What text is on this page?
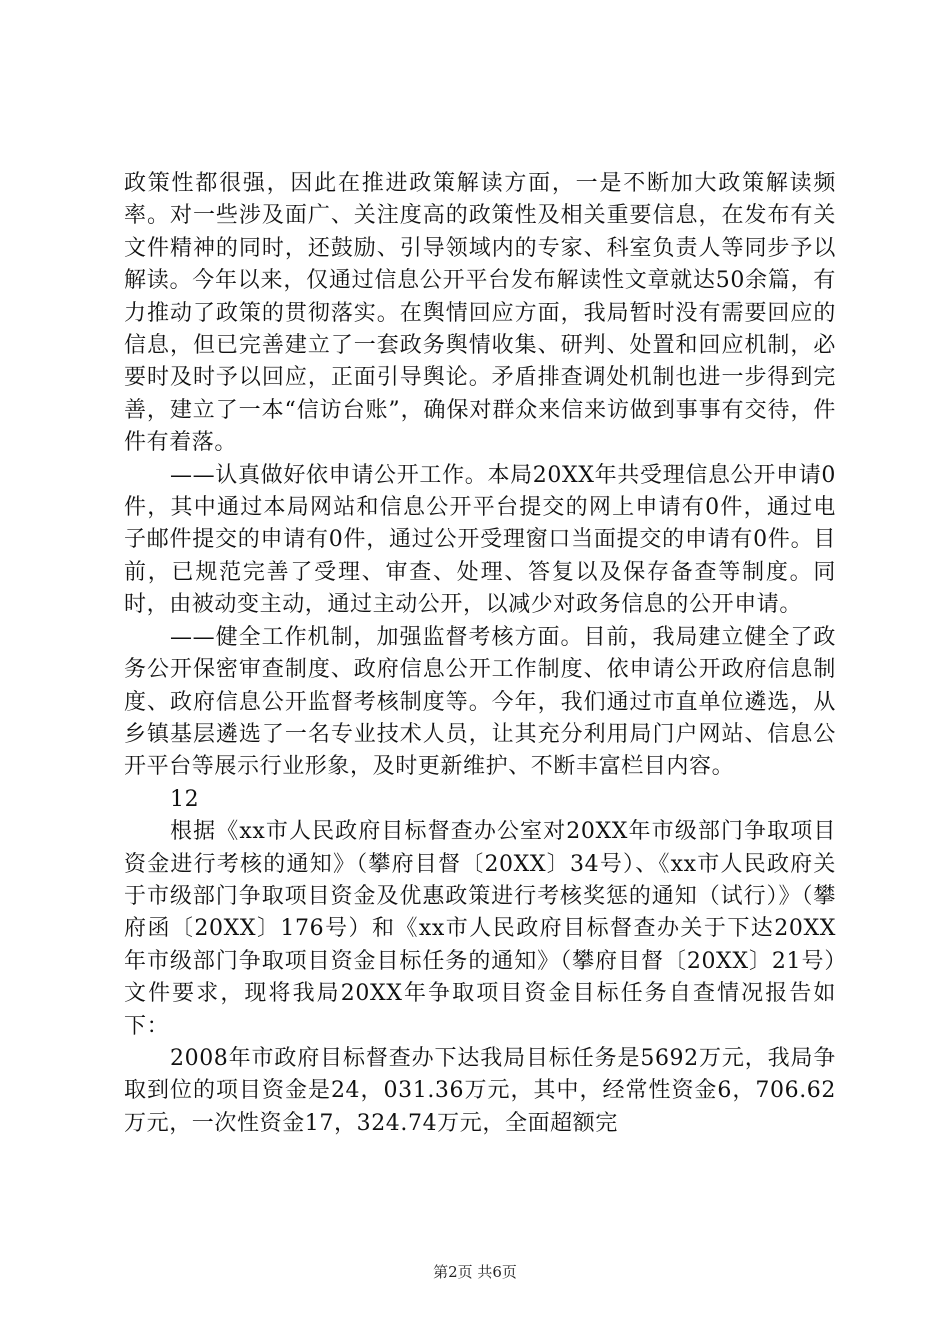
政策性都很强，因此在推进政策解读方面，一是不断加大政策解读频率。对一些涉及面广、关注度高的政策性及相关重要信息，在发布有关文件精神的同时，还鼓励、引导领域内的专家、科室负责人等同步予以解读。今年以来，仅通过信息公开平台发布解读性文章就达50余篇，有力推动了政策的贯彻落实。在舆情回应方面，我局暂时没有需要回应的信息，但已完善建立了一套政务舆情收集、研判、处置和回应机制，必要时及时予以回应，正面引导舆论。矛盾排查调处机制也进一步得到完善，建立了一本“信访台账”，确保对群众来信来访做到事事有交待，件件有着落。

——认真做好依申请公开工作。本局20XX年共受理信息公开申请0件，其中通过本局网站和信息公开平台提交的网上申请有0件，通过电子邮件提交的申请有0件，通过公开受理窗口当面提交的申请有0件。目前，已规范完善了受理、审查、处理、答复以及保存备查等制度。同时，由被动变主动，通过主动公开，以减少对政务信息的公开申请。

——健全工作机制，加强监督考核方面。目前，我局建立健全了政务公开保密审查制度、政府信息公开工作制度、依申请公开政府信息制度、政府信息公开监督考核制度等。今年，我们通过市直单位遴选，从乡镇基层遴选了一名专业技术人员，让其充分利用局门户网站、信息公开平台等展示行业形象，及时更新维护、不断丰富栏目内容。

12

根据《xx市人民政府目标督查办公室对20XX年市级部门争取项目资金进行考核的通知》（攀府目督〔20XX〕34号）、《xx市人民政府关于市级部门争取项目资金及优惠政策进行考核奖惩的通知（试行）》（攀府函〔20XX〕176号）和《xx市人民政府目标督查办关于下达20XX年市级部门争取项目资金目标任务的通知》（攀府目督〔20XX〕21号）文件要求，现将我局20XX年争取项目资金目标任务自查情况报告如下：

2008年市政府目标督查办下达我局目标任务是5692万元，我局争取到位的项目资金是24，031.36万元，其中，经常性资金6，706.62万元，一次性资金17，324.74万元，全面超额完

第2页 共6页
